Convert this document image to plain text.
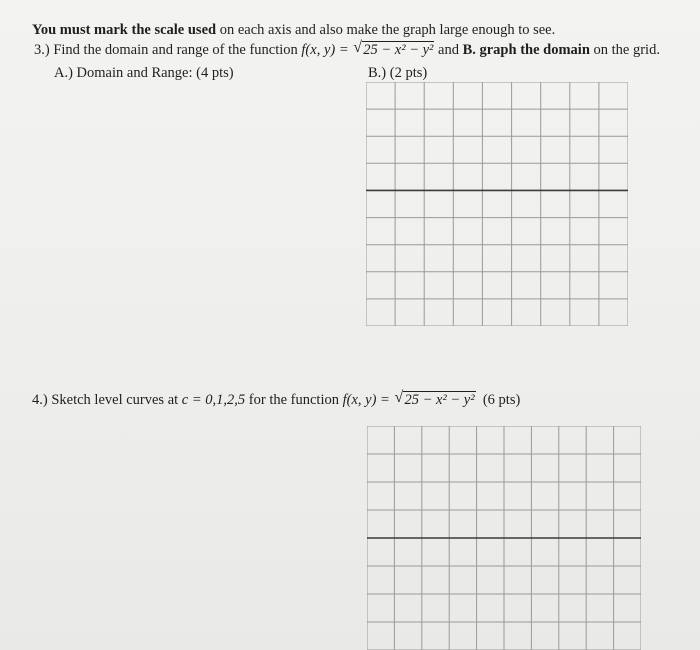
You must mark the scale used on each axis and also make the graph large enough to see.
3.) Find the domain and range of the function f(x, y) = √ 25 − x² − y² and B. graph the domain on the grid.
A.) Domain and Range: (4 pts)	B.) (2 pts)
4.) Sketch level curves at c = 0,1,2,5 for the function f(x, y) = √ 25 − x² − y² (6 pts)
